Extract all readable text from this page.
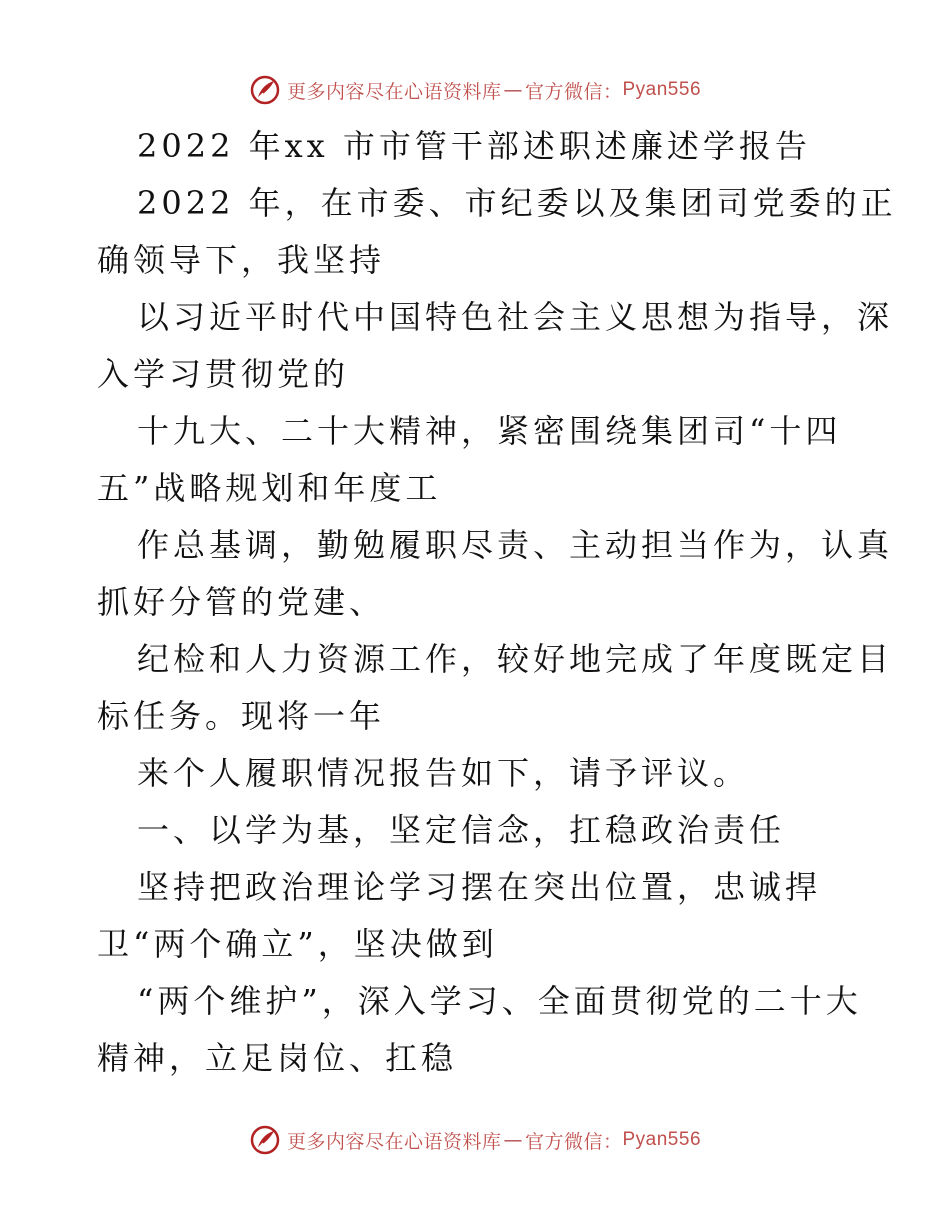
更多内容尽在心语资料库 — 官方微信： Pyan556
2022 年xx 市市管干部述职述廉述学报告
2022 年，在市委、市纪委以及集团司党委的正
确领导下，我坚持
以习近平时代中国特色社会主义思想为指导，深
入学习贯彻党的
十九大、二十大精神，紧密围绕集团司“十四
五”战略规划和年度工
作总基调，勤勉履职尽责、主动担当作为，认真
抓好分管的党建、
纪检和人力资源工作，较好地完成了年度既定目
标任务。现将一年
来个人履职情况报告如下，请予评议。
一、以学为基，坚定信念，扛稳政治责任
坚持把政治理论学习摆在突出位置，忠诚捍
卫“两个确立”，坚决做到
“两个维护”，深入学习、全面贯彻党的二十大
精神，立足岗位、扛稳
更多内容尽在心语资料库 — 官方微信： Pyan556
